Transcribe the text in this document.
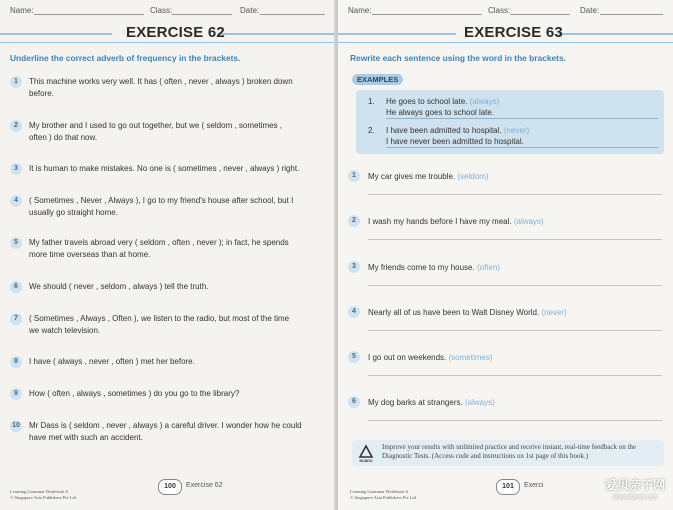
Name:	Class:	Date:
EXERCISE 62
Underline the correct adverb of frequency in the brackets.
1	This machine works very well. It has ( often , never , always ) broken down
before.
2	My brother and I used to go out together, but we ( seldom , sometimes ,
often ) do that now.
3	It is human to make mistakes. No one is ( sometimes , never , always ) right.
4	( Sometimes , Never , Always ), I go to my friend's house after school, but I
usually go straight home.
5	My father travels abroad very ( seldom , often , never ); in fact, he spends
more time overseas than at home.
6	We should ( never , seldom , always ) tell the truth.
7	( Sometimes , Always , Often ), we listen to the radio, but most of the time
we watch television.
8	I have ( always , never , often ) met her before.
9	How ( often , always , sometimes ) do you go to the library?
10 Mr Dass is ( seldom , never , always ) a careful driver. I wonder how he could
have met with such an accident.
Learning Grammar Workbook 6
© Singapore Asia Publishers Pte Ltd
100	Exercise 62
Name:	Class:	Date:
EXERCISE 63
Rewrite each sentence using the word in the brackets.
EXAMPLES
1. He goes to school late. (always)
He always goes to school late.
2. I have been admitted to hospital. (never)
I have never been admitted to hospital.
1	My car gives me trouble. (seldom)
2	I wash my hands before I have my meal. (always)
3	My friends come to my house. (often)
4	Nearly all of us have been to Walt Disney World. (never)
5	I go out on weekends. (sometimes)
6	My dog barks at strangers. (always)
NUADU
Improve your results with unlimited practice and receive instant, real-time feedback on the Diagnostic Tests. (Access code and instructions on 1st page of this book.)
Learning Grammar Workbook 6
© Singapore Asia Publishers Pte Ltd
101	Exerci	爱贝亲子网
www.ibeiei.net
